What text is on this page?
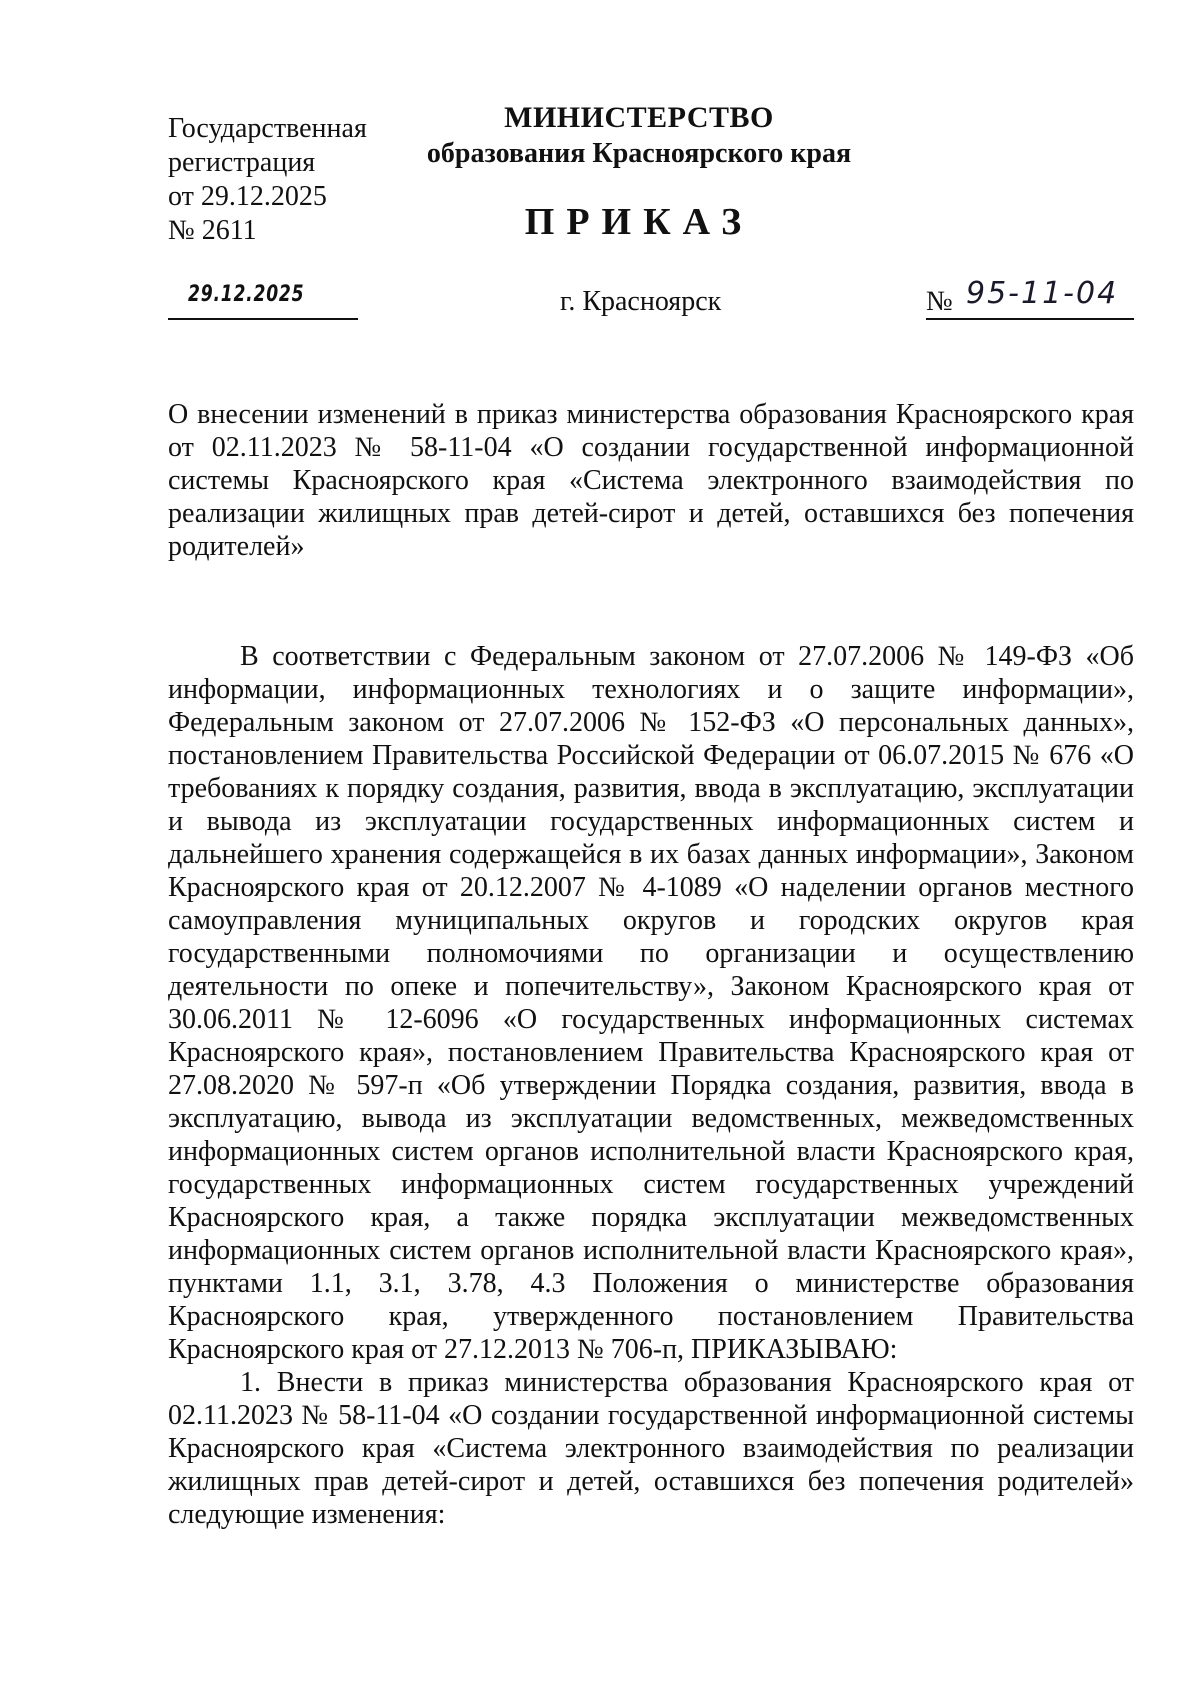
Государственная
регистрация
от 29.12.2025
№ 2611
МИНИСТЕРСТВО
образования Красноярского края
ПРИКАЗ
29.12.2025	г. Красноярск	№ 95-11-04
О внесении изменений в приказ министерства образования Красноярского края от 02.11.2023 № 58-11-04 «О создании государственной информационной системы Красноярского края «Система электронного взаимодействия по реализации жилищных прав детей-сирот и детей, оставшихся без попечения родителей»

В соответствии с Федеральным законом от 27.07.2006 № 149-ФЗ «Об информации, информационных технологиях и о защите информации», Федеральным законом от 27.07.2006 № 152-ФЗ «О персональных данных», постановлением Правительства Российской Федерации от 06.07.2015 № 676 «О требованиях к порядку создания, развития, ввода в эксплуатацию, эксплуатации и вывода из эксплуатации государственных информационных систем и дальнейшего хранения содержащейся в их базах данных информации», Законом Красноярского края от 20.12.2007 № 4-1089 «О наделении органов местного самоуправления муниципальных округов и городских округов края государственными полномочиями по организации и осуществлению деятельности по опеке и попечительству», Законом Красноярского края от 30.06.2011 № 12-6096 «О государственных информационных системах Красноярского края», постановлением Правительства Красноярского края от 27.08.2020 № 597-п «Об утверждении Порядка создания, развития, ввода в эксплуатацию, вывода из эксплуатации ведомственных, межведомственных информационных систем органов исполнительной власти Красноярского края, государственных информационных систем государственных учреждений Красноярского края, а также порядка эксплуатации межведомственных информационных систем органов исполнительной власти Красноярского края», пунктами 1.1, 3.1, 3.78, 4.3 Положения о министерстве образования Красноярского края, утвержденного постановлением Правительства Красноярского края от 27.12.2013 № 706-п, ПРИКАЗЫВАЮ:

1. Внести в приказ министерства образования Красноярского края от 02.11.2023 № 58-11-04 «О создании государственной информационной системы Красноярского края «Система электронного взаимодействия по реализации жилищных прав детей-сирот и детей, оставшихся без попечения родителей» следующие изменения:
